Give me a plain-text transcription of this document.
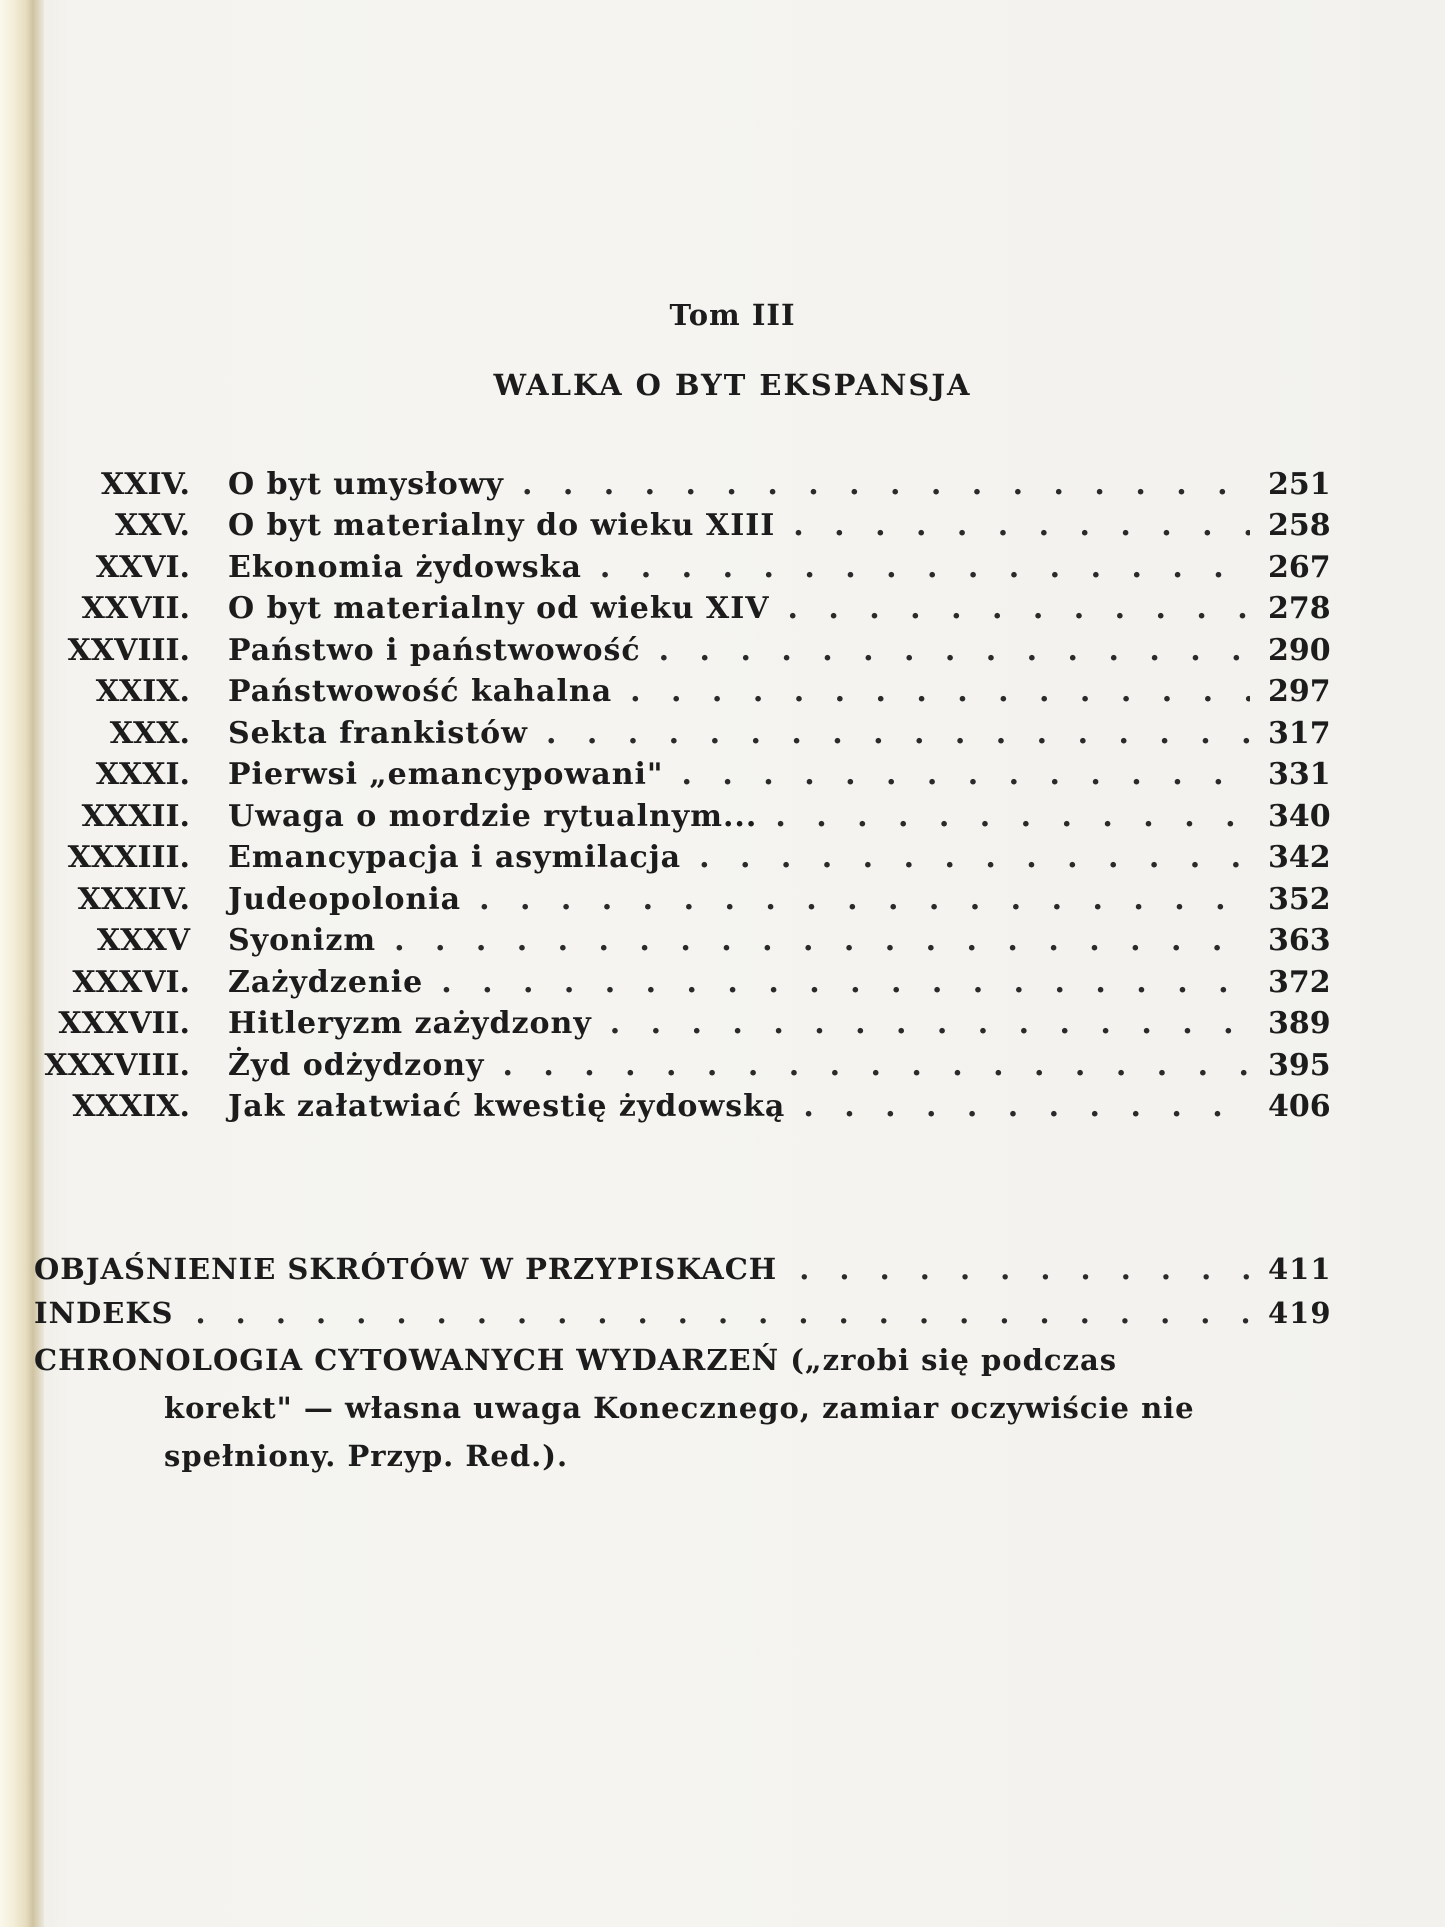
Tom III
WALKA O BYT EKSPANSJA
XXIV. O byt umysłowy . . .	251
XXV. O byt materialny do wieku XIII . . .	258
XXVI. Ekonomia żydowska . . .	267
XXVII. O byt materialny od wieku XIV . . .	278
XXVIII. Państwo i państwowość . . .	290
XXIX. Państwowość kahalna . . .	297
XXX. Sekta frankistów . . .	317
XXXI. Pierwsi „emancypowani" . . .	331
XXXII. Uwaga o mordzie rytualnym... . . .	340
XXXIII. Emancypacja i asymilacja . . .	342
XXXIV. Judeopolonia . . .	352
XXXV Syonizm . . .	363
XXXVI. Zażydzenie . . .	372
XXXVII. Hitleryzm zażydzony . . .	389
XXXVIII. Żyd odżydzony . . .	395
XXXIX. Jak załatwiać kwestię żydowską . . .	406
OBJAŚNIENIE SKRÓTÓW W PRZYPISKACH . . .	411
INDEKS . . .	419
CHRONOLOGIA CYTOWANYCH WYDARZEŃ („zrobi się podczas
korekt" — własna uwaga Konecznego, zamiar oczywiście nie
spełniony. Przyp. Red.).
